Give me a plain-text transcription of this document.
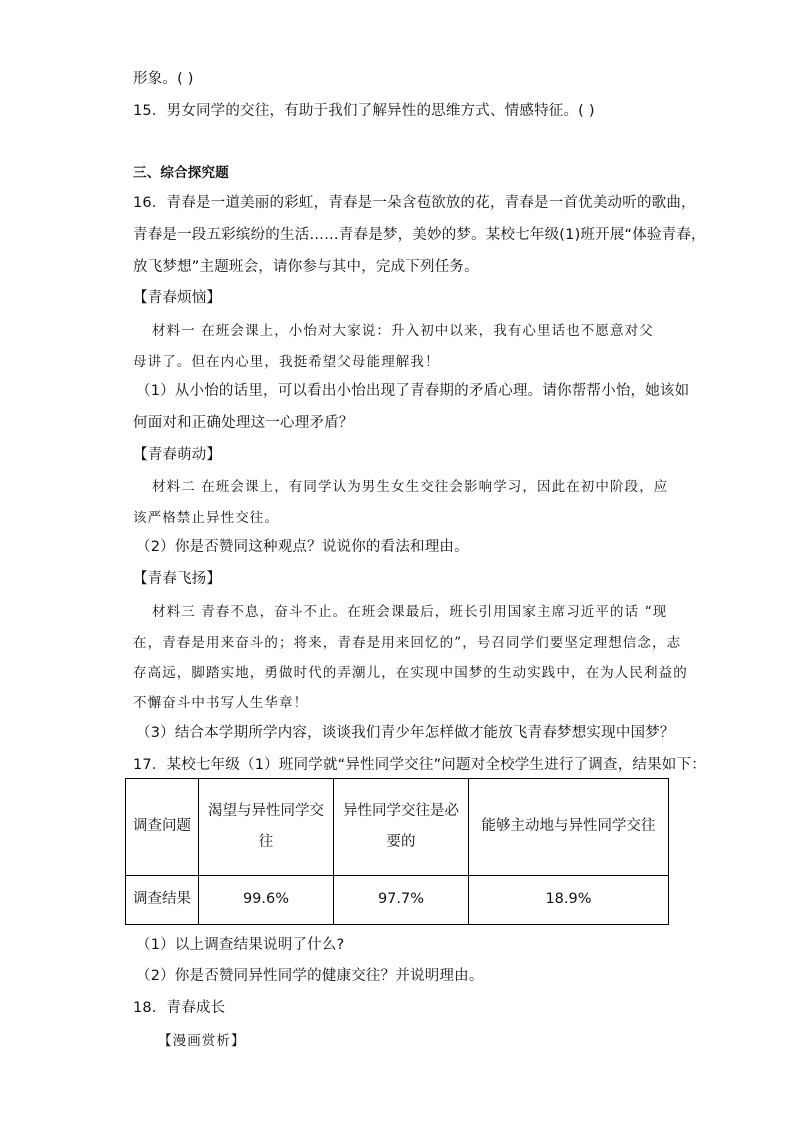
形象。( )
15．男女同学的交往，有助于我们了解异性的思维方式、情感特征。( )
三、综合探究题
16．青春是一道美丽的彩虹，青春是一朵含苞欲放的花，青春是一首优美动听的歌曲，
青春是一段五彩缤纷的生活……青春是梦，美妙的梦。某校七年级(1)班开展“体验青春，
放飞梦想”主题班会，请你参与其中，完成下列任务。
【青春烦恼】
材料一 在班会课上，小怡对大家说：升入初中以来，我有心里话也不愿意对父
母讲了。但在内心里，我挺希望父母能理解我！
（1）从小怡的话里，可以看出小怡出现了青春期的矛盾心理。请你帮帮小怡，她该如
何面对和正确处理这一心理矛盾？
【青春萌动】
材料二 在班会课上，有同学认为男生女生交往会影响学习，因此在初中阶段，应
该严格禁止异性交往。
（2）你是否赞同这种观点？说说你的看法和理由。
【青春飞扬】
材料三 青春不息，奋斗不止。在班会课最后，班长引用国家主席习近平的话 “现
在，青春是用来奋斗的；将来，青春是用来回忆的”，号召同学们要坚定理想信念，志
存高远，脚踏实地，勇做时代的弄潮儿，在实现中国梦的生动实践中，在为人民利益的
不懈奋斗中书写人生华章！
（3）结合本学期所学内容，谈谈我们青少年怎样做才能放飞青春梦想实现中国梦？
17．某校七年级（1）班同学就“异性同学交往”问题对全校学生进行了调查，结果如下：
调查问题	渴望与异性同学交往	异性同学交往是必要的	能够主动地与异性同学交往
调查结果	99.6%	97.7%	18.9%
（1）以上调查结果说明了什么?
（2）你是否赞同异性同学的健康交往？并说明理由。
18．青春成长
【漫画赏析】
